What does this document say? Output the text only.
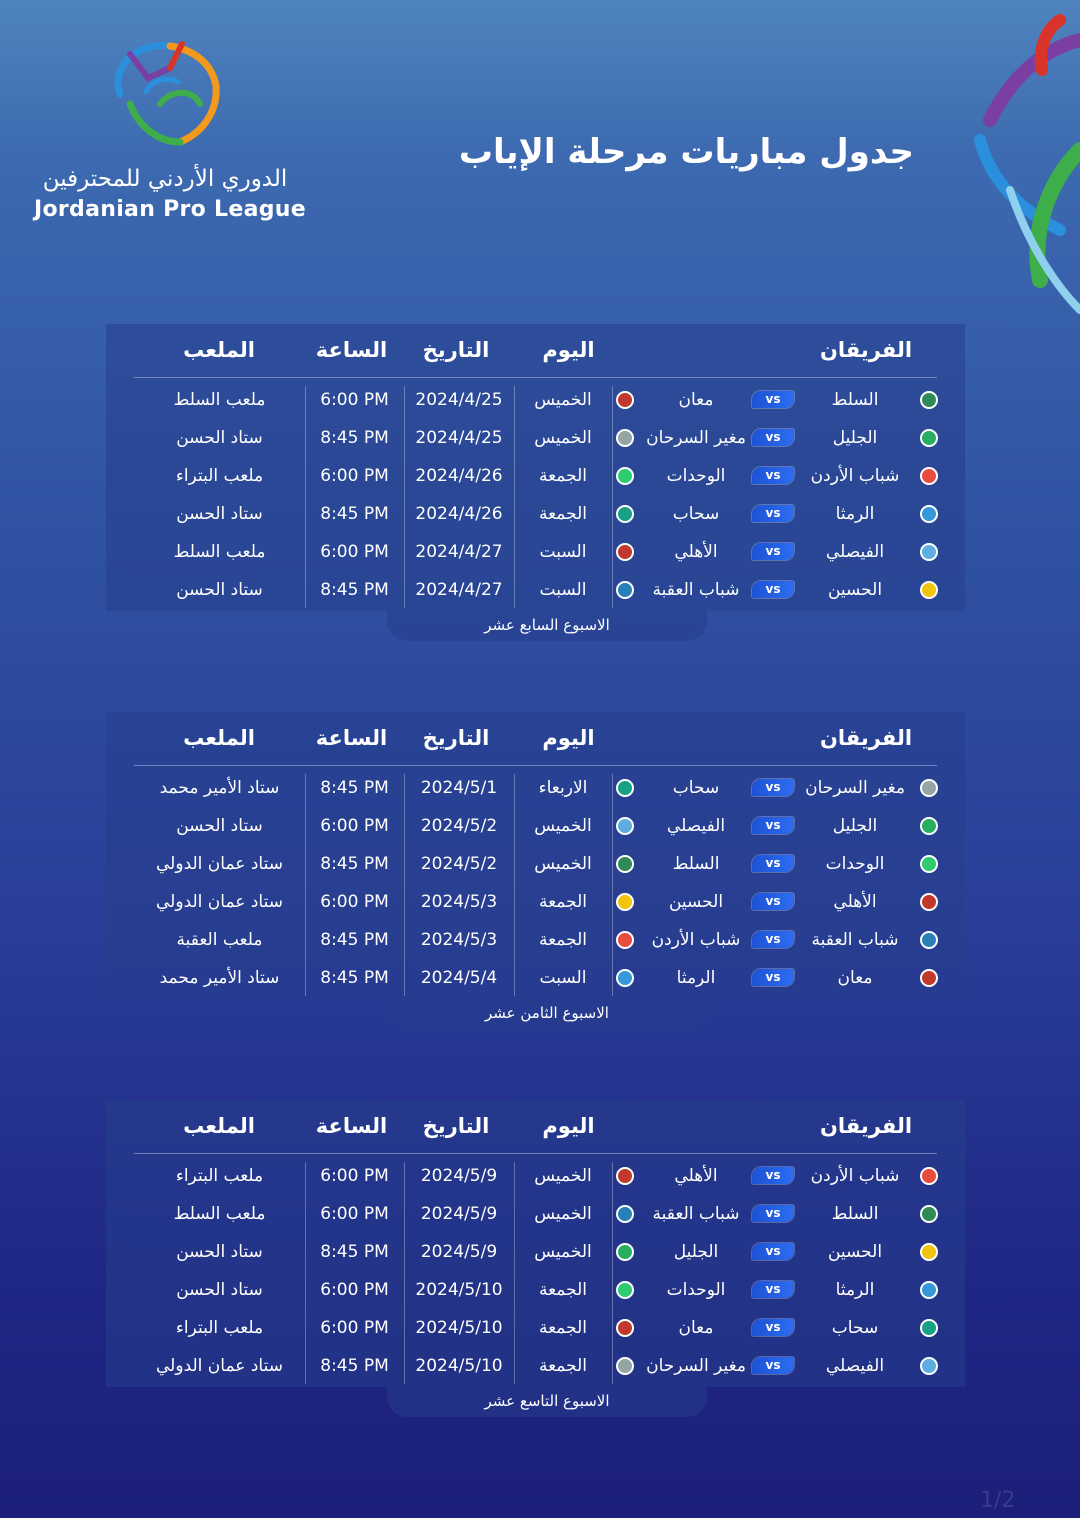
الدوري الأردني للمحترفين
Jordanian Pro League
جدول مباريات مرحلة الإياب
الفريقان
اليوم
التاريخ
الساعة
الملعب
السلط
vs
معان
الخميس
2024/4/25
6:00 PM
ملعب السلط
الجليل
vs
مغير السرحان
الخميس
2024/4/25
8:45 PM
ستاد الحسن
شباب الأردن
vs
الوحدات
الجمعة
2024/4/26
6:00 PM
ملعب البتراء
الرمثا
vs
سحاب
الجمعة
2024/4/26
8:45 PM
ستاد الحسن
الفيصلي
vs
الأهلي
السبت
2024/4/27
6:00 PM
ملعب السلط
الحسين
vs
شباب العقبة
السبت
2024/4/27
8:45 PM
ستاد الحسن
الاسبوع السابع عشر
الفريقان
اليوم
التاريخ
الساعة
الملعب
مغير السرحان
vs
سحاب
الاربعاء
2024/5/1
8:45 PM
ستاد الأمير محمد
الجليل
vs
الفيصلي
الخميس
2024/5/2
6:00 PM
ستاد الحسن
الوحدات
vs
السلط
الخميس
2024/5/2
8:45 PM
ستاد عمان الدولي
الأهلي
vs
الحسين
الجمعة
2024/5/3
6:00 PM
ستاد عمان الدولي
شباب العقبة
vs
شباب الأردن
الجمعة
2024/5/3
8:45 PM
ملعب العقبة
معان
vs
الرمثا
السبت
2024/5/4
8:45 PM
ستاد الأمير محمد
الاسبوع الثامن عشر
الفريقان
اليوم
التاريخ
الساعة
الملعب
شباب الأردن
vs
الأهلي
الخميس
2024/5/9
6:00 PM
ملعب البتراء
السلط
vs
شباب العقبة
الخميس
2024/5/9
6:00 PM
ملعب السلط
الحسين
vs
الجليل
الخميس
2024/5/9
8:45 PM
ستاد الحسن
الرمثا
vs
الوحدات
الجمعة
2024/5/10
6:00 PM
ستاد الحسن
سحاب
vs
معان
الجمعة
2024/5/10
6:00 PM
ملعب البتراء
الفيصلي
vs
مغير السرحان
الجمعة
2024/5/10
8:45 PM
ستاد عمان الدولي
الاسبوع التاسع عشر
1/2
